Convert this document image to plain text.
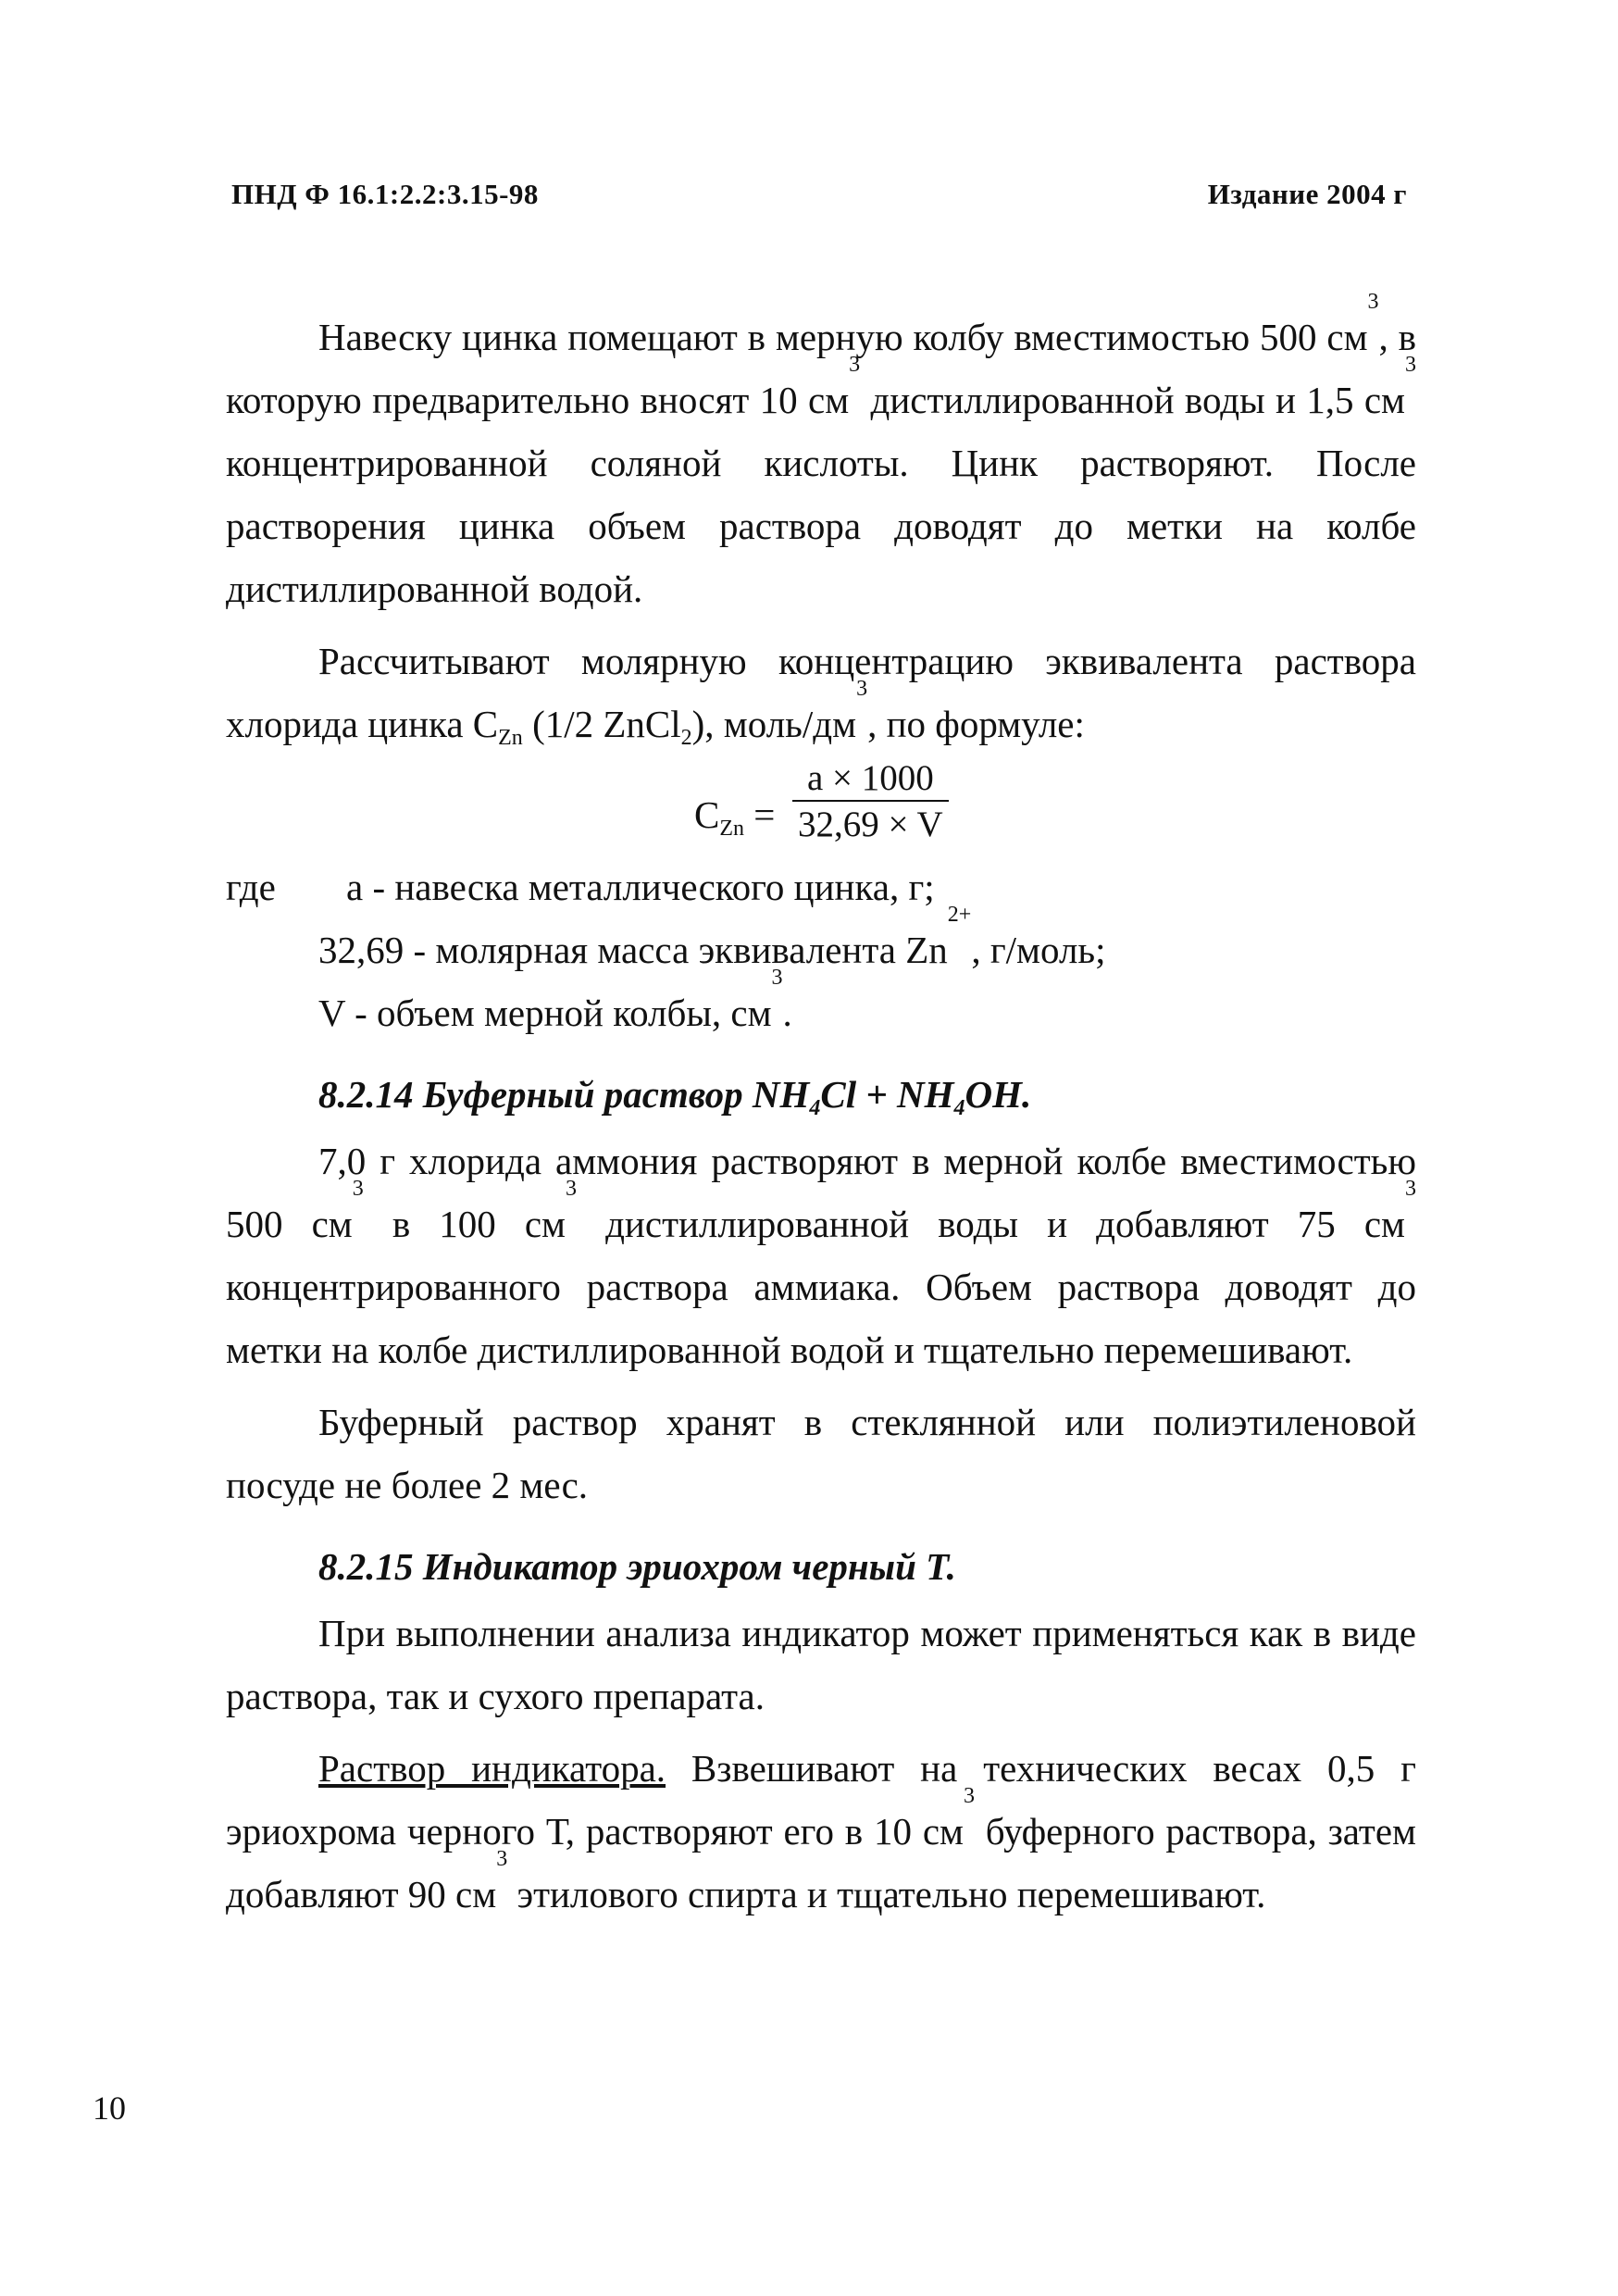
ПНД Ф 16.1:2.2:3.15-98	Издание 2004 г

Навеску цинка помещают в мерную колбу вместимостью 500 $см^3$, в которую предварительно вносят 10 $см^3$ дистиллированной воды и 1,5 $см^3$ концентрированной соляной кислоты. Цинк растворяют. После растворения цинка объем раствора доводят до метки на колбе дистиллированной водой.

Рассчитывают молярную концентрацию эквивалента раствора хлорида цинка $C_{Zn}$ (1/2 ZnCl$_2$), моль/$дм^3$, по формуле:

$C_{Zn}$ =
a × 1000
32,69 × V
где a - навеска металлического цинка, г;

32,69 - молярная масса эквивалента $Zn^{2+}$, г/моль;

V - объем мерной колбы, $см^3$.

8.2.14 Буферный раствор $NH_4Cl + NH_4OH$.

7,0 г хлорида аммония растворяют в мерной колбе вместимостью 500 $см^3$ в 100 $см^3$ дистиллированной воды и добавляют 75 $см^3$ концентрированного раствора аммиака. Объем раствора доводят до метки на колбе дистиллированной водой и тщательно перемешивают.

Буферный раствор хранят в стеклянной или полиэтиленовой посуде не более 2 мес.

8.2.15 Индикатор эриохром черный Т.

При выполнении анализа индикатор может применяться как в виде раствора, так и сухого препарата.

Раствор индикатора. Взвешивают на технических весах 0,5 г эриохрома черного Т, растворяют его в 10 $см^3$ буферного раствора, затем добавляют 90 $см^3$ этилового спирта и тщательно перемешивают.

10
